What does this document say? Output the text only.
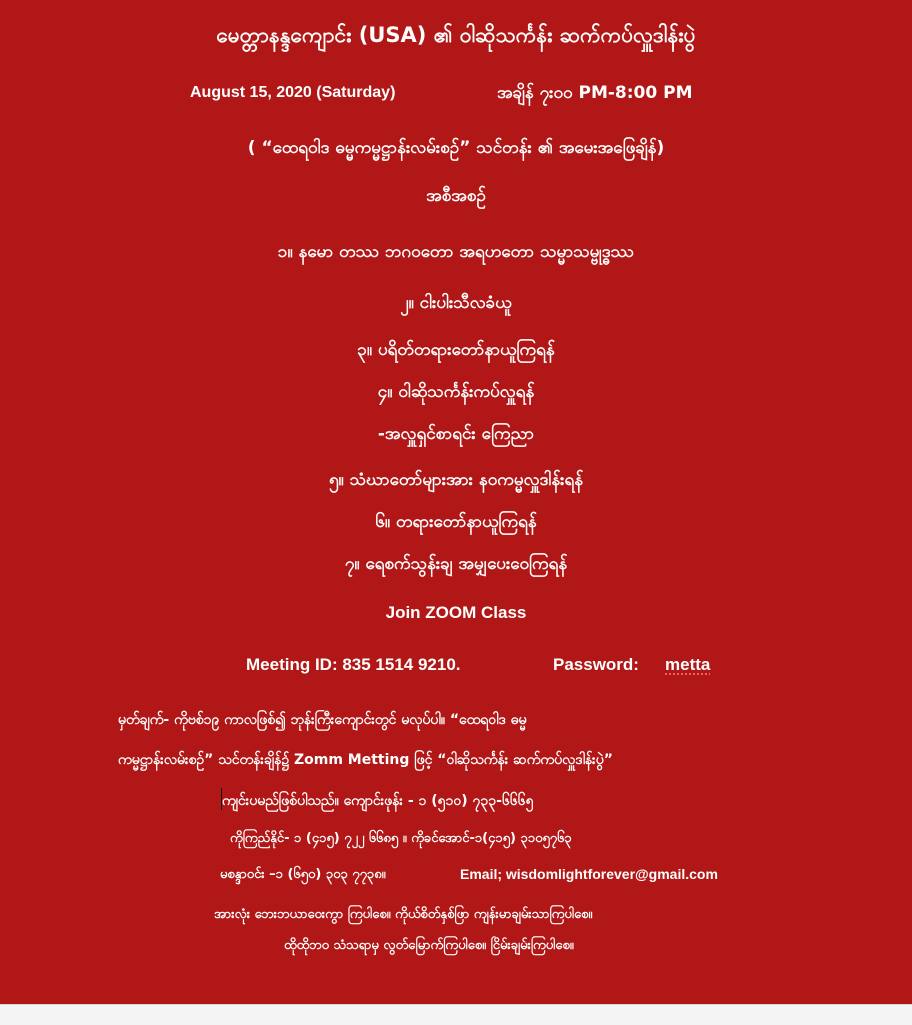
မေတ္တာနန္ဒကျောင်း (USA) ၏ ဝါဆိုသင်္ကန်း ဆက်ကပ်လှူဒါန်းပွဲ
August 15, 2020 (Saturday)	အချိန် ၇း၀၀ PM-8:00 PM
( “ထေရဝါဒ ဓမ္မကမ္မဋ္ဌာန်းလမ်းစဥ်” သင်တန်း ၏ အမေးအဖြေချိန်)
အစီအစဥ်
၁။ နမော တဿ ဘဂဝတော အရဟတော သမ္မာသမ္ဗုဒ္ဓဿ
၂။ ငါးပါးသီလခံယူ
၃။ ပရိတ်တရားတော်နာယူကြရန်
၄။ ဝါဆိုသင်္ကန်းကပ်လှူရန်
-အလှူရှင်စာရင်း ကြေညာ
၅။ သံဃာတော်များအား နဝကမ္မလှူဒါန်းရန်
၆။ တရားတော်နာယူကြရန်
၇။ ရေစက်သွန်းချ အမျှပေးဝေကြရန်
Join ZOOM Class
Meeting ID: 835 1514 9210.	Password: metta
မှတ်ချက်- ကိုဗစ်၁၉ ကာလဖြစ်၍ ဘုန်းကြီးကျောင်းတွင် မလုပ်ပါ။ “ထေရဝါဒ ဓမ္မ
ကမ္မဋ္ဌာန်းလမ်းစဥ်” သင်တန်းချိန်၌ Zomm Metting ဖြင့် “ဝါဆိုသင်္ကန်း ဆက်ကပ်လှူဒါန်းပွဲ”
ကျင်းပမည်ဖြစ်ပါသည်။ ကျောင်းဖုန်း - ၁ (၅၁၀) ၇၃၃-၆၆၆၅
ကိုကြည်နိုင်- ၁ (၄၁၅) ၇၂၂ ၆၆၈၅ ။ ကိုခင်အောင်-၁(၄၁၅) ၃၁၀၅၇၆၃
မစန္ဒာဝင်း –၁ (၆၅၀) ၃၀၃ ၇၇၃၈။	Email; wisdomlightforever@gmail.com
အားလုံး ဘေးဘယာဝေးကွာ ကြပါစေ။ ကိုယ်စိတ်နှစ်ဖြာ ကျန်းမာချမ်းသာကြပါစေ။
ထိုထိုဘဝ သံသရာမှ လွတ်မြောက်ကြပါစေ။ ငြိမ်းချမ်းကြပါစေ။
